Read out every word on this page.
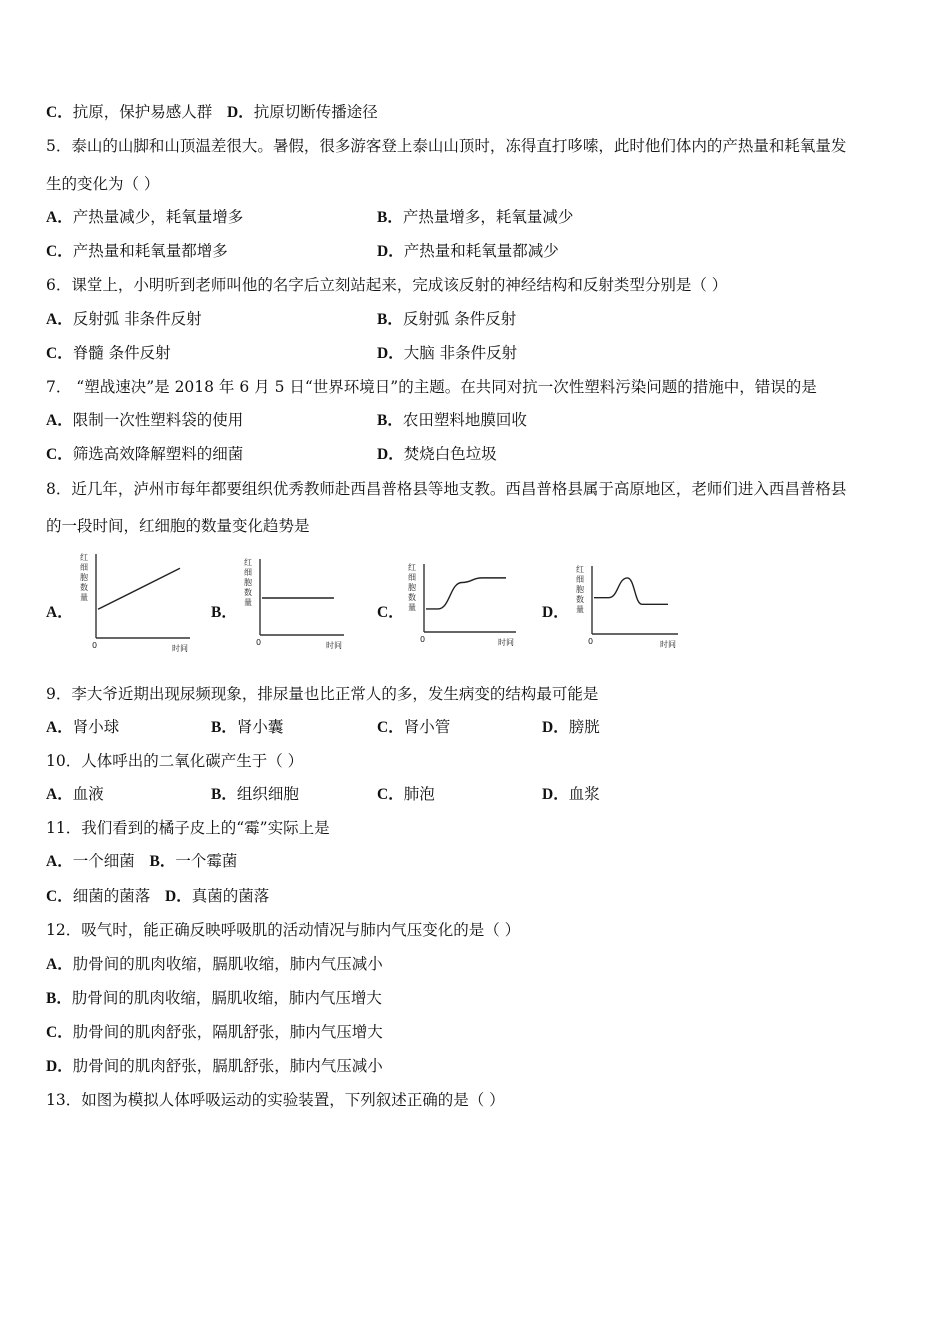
C．抗原，保护易感人群 D．抗原切断传播途径
5．泰山的山脚和山顶温差很大。暑假，很多游客登上泰山山顶时，冻得直打哆嗦，此时他们体内的产热量和耗氧量发
生的变化为（ ）
A．产热量减少，耗氧量增多	B．产热量增多，耗氧量减少
C．产热量和耗氧量都增多	D．产热量和耗氧量都减少
6．课堂上，小明听到老师叫他的名字后立刻站起来，完成该反射的神经结构和反射类型分别是（ ）
A．反射弧 非条件反射	B．反射弧 条件反射
C．脊髓 条件反射	D．大脑 非条件反射
7． “塑战速决”是 2018 年 6 月 5 日“世界环境日”的主题。在共同对抗一次性塑料污染问题的措施中，错误的是
A．限制一次性塑料袋的使用	B．农田塑料地膜回收
C．筛选高效降解塑料的细菌	D．焚烧白色垃圾
8．近几年，泸州市每年都要组织优秀教师赴西昌普格县等地支教。西昌普格县属于高原地区，老师们进入西昌普格县
的一段时间，红细胞的数量变化趋势是
A．	B．	C．	D．
红
细
胞
数
量
0	时间
红
细
胞
数
量
0	时间
红
细
胞
数
量
0	时间
红
细
胞
数
量
0	时间
9．李大爷近期出现尿频现象，排尿量也比正常人的多，发生病变的结构最可能是
A．肾小球	B．肾小囊	C．肾小管	D．膀胱
10．人体呼出的二氧化碳产生于（ ）
A．血液	B．组织细胞	C．肺泡	D．血浆
11．我们看到的橘子皮上的“霉”实际上是
A．一个细菌 B．一个霉菌
C．细菌的菌落 D．真菌的菌落
12．吸气时，能正确反映呼吸肌的活动情况与肺内气压变化的是（ ）
A．肋骨间的肌肉收缩，膈肌收缩，肺内气压减小
B．肋骨间的肌肉收缩，膈肌收缩，肺内气压增大
C．肋骨间的肌肉舒张，隔肌舒张，肺内气压增大
D．肋骨间的肌肉舒张，膈肌舒张，肺内气压减小
13．如图为模拟人体呼吸运动的实验装置，下列叙述正确的是（ ）
